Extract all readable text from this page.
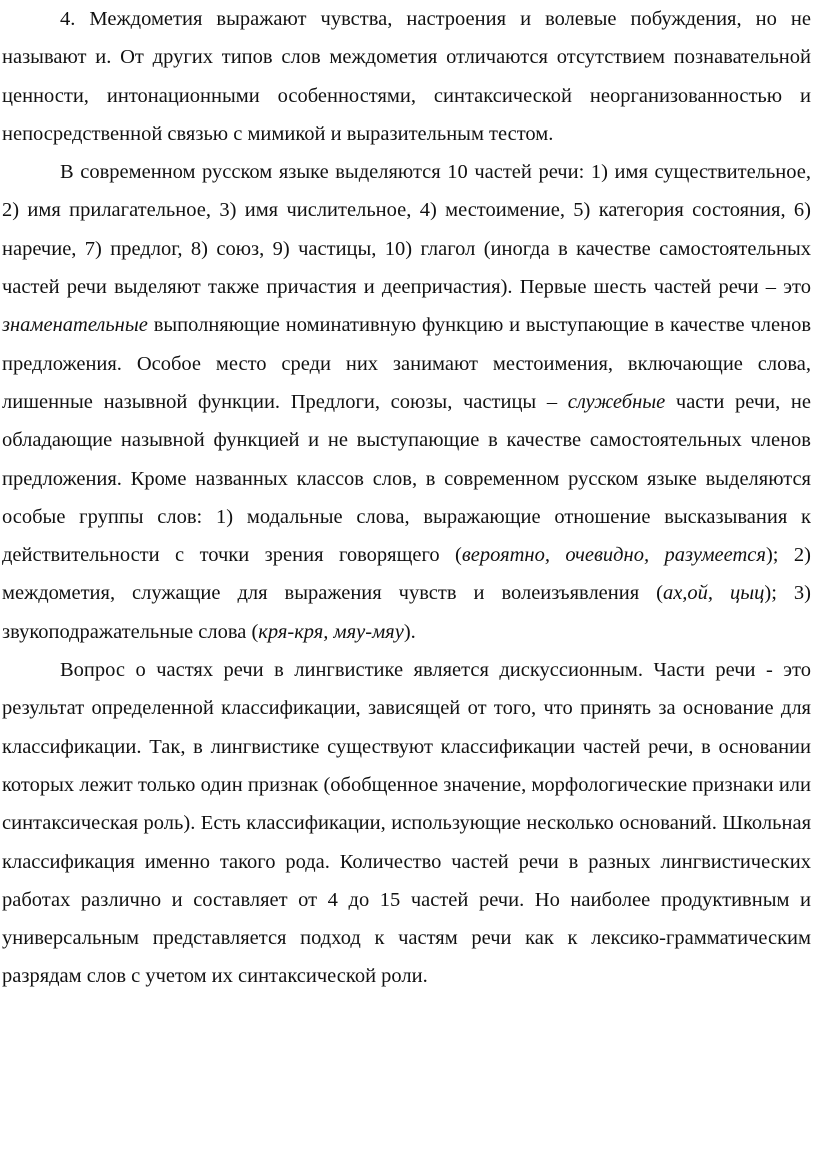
4. Междометия выражают чувства, настроения и волевые побуждения, но не называют и. От других типов слов междометия отличаются отсутствием познавательной ценности, интонационными особенностями, синтаксической неорганизованностью и непосредственной связью с мимикой и выразительным тестом.

В современном русском языке выделяются 10 частей речи: 1) имя существительное, 2) имя прилагательное, 3) имя числительное, 4) местоимение, 5) категория состояния, 6) наречие, 7) предлог, 8) союз, 9) частицы, 10) глагол (иногда в качестве самостоятельных частей речи выделяют также причастия и деепричастия). Первые шесть частей речи – это знаменательные выполняющие номинативную функцию и выступающие в качестве членов предложения. Особое место среди них занимают местоимения, включающие слова, лишенные назывной функции. Предлоги, союзы, частицы – служебные части речи, не обладающие назывной функцией и не выступающие в качестве самостоятельных членов предложения. Кроме названных классов слов, в современном русском языке выделяются особые группы слов: 1) модальные слова, выражающие отношение высказывания к действительности с точки зрения говорящего (вероятно, очевидно, разумеется); 2) междометия, служащие для выражения чувств и волеизъявления (ах,ой, цыц); 3) звукоподражательные слова (кря-кря, мяу-мяу).

Вопрос о частях речи в лингвистике является дискуссионным. Части речи - это результат определенной классификации, зависящей от того, что принять за основание для классификации. Так, в лингвистике существуют классификации частей речи, в основании которых лежит только один признак (обобщенное значение, морфологические признаки или синтаксическая роль). Есть классификации, использующие несколько оснований. Школьная классификация именно такого рода. Количество частей речи в разных лингвистических работах различно и составляет от 4 до 15 частей речи. Но наиболее продуктивным и универсальным представляется подход к частям речи как к лексико-грамматическим разрядам слов с учетом их синтаксической роли.
